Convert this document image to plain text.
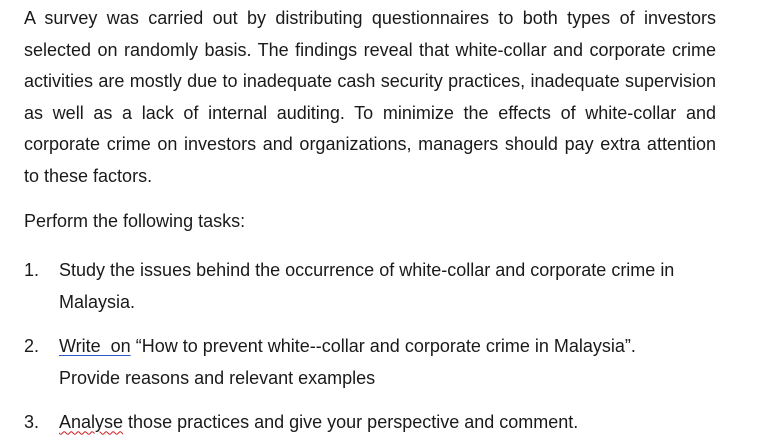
A survey was carried out by distributing questionnaires to both types of investors selected on randomly basis. The findings reveal that white-collar and corporate crime activities are mostly due to inadequate cash security practices, inadequate supervision as well as a lack of internal auditing. To minimize the effects of white-collar and corporate crime on investors and organizations, managers should pay extra attention to these factors.

Perform the following tasks:

1. Study the issues behind the occurrence of white-collar and corporate crime in Malaysia.
2. Write  on “How to prevent white--collar and corporate crime in Malaysia”.
Provide reasons and relevant examples
3. Analyse those practices and give your perspective and comment.
